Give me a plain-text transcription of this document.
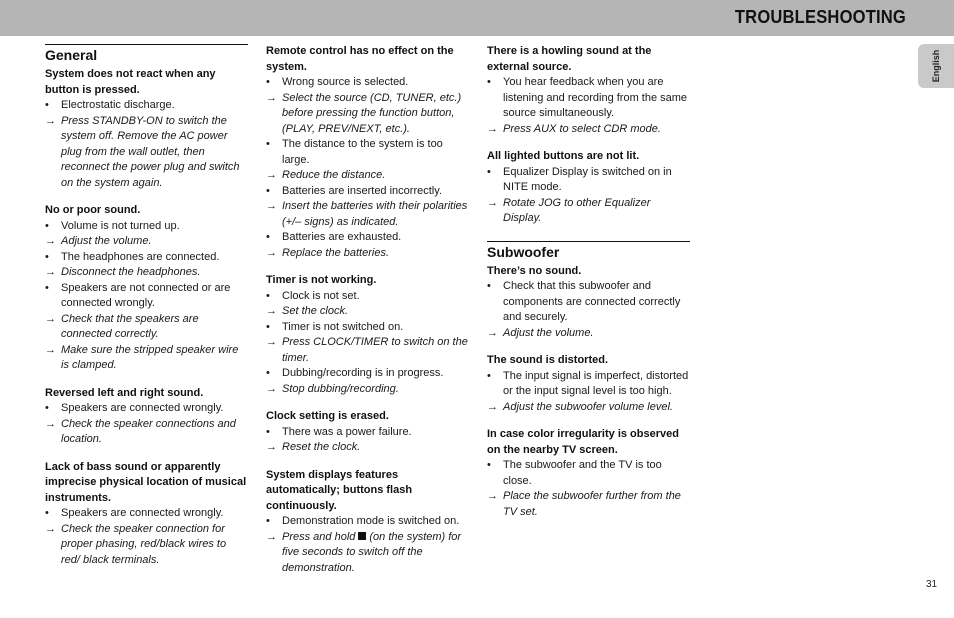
TROUBLESHOOTING
English
General
System does not react when any button is pressed.
• Electrostatic discharge.
→ Press STANDBY-ON to switch the system off. Remove the AC power plug from the wall outlet, then reconnect the power plug and switch on the system again.
No or poor sound.
• Volume is not turned up.
→ Adjust the volume.
• The headphones are connected.
→ Disconnect the headphones.
• Speakers are not connected or are connected wrongly.
→ Check that the speakers are connected correctly.
→ Make sure the stripped speaker wire is clamped.
Reversed left and right sound.
• Speakers are connected wrongly.
→ Check the speaker connections and location.
Lack of bass sound or apparently imprecise physical location of musical instruments.
• Speakers are connected wrongly.
→ Check the speaker connection for proper phasing, red/black wires to red/ black terminals.
Remote control has no effect on the system.
• Wrong source is selected.
→ Select the source (CD, TUNER, etc.) before pressing the function button, (PLAY, PREV/NEXT, etc.).
• The distance to the system is too large.
→ Reduce the distance.
• Batteries are inserted incorrectly.
→ Insert the batteries with their polarities (+/– signs) as indicated.
• Batteries are exhausted.
→ Replace the batteries.
Timer is not working.
• Clock is not set.
→ Set the clock.
• Timer is not switched on.
→ Press CLOCK/TIMER to switch on the timer.
• Dubbing/recording is in progress.
→ Stop dubbing/recording.
Clock setting is erased.
• There was a power failure.
→ Reset the clock.
System displays features automatically; buttons flash continuously.
• Demonstration mode is switched on.
→ Press and hold (on the system) for five seconds to switch off the demonstration.
There is a howling sound at the external source.
• You hear feedback when you are listening and recording from the same source simultaneously.
→ Press AUX to select CDR mode.
All lighted buttons are not lit.
• Equalizer Display is switched on in NITE mode.
→ Rotate JOG to other Equalizer Display.
Subwoofer
There’s no sound.
• Check that this subwoofer and components are connected correctly and securely.
→ Adjust the volume.
The sound is distorted.
• The input signal is imperfect, distorted or the input signal level is too high.
→ Adjust the subwoofer volume level.
In case color irregularity is observed on the nearby TV screen.
• The subwoofer and the TV is too close.
→ Place the subwoofer further from the TV set.
31
